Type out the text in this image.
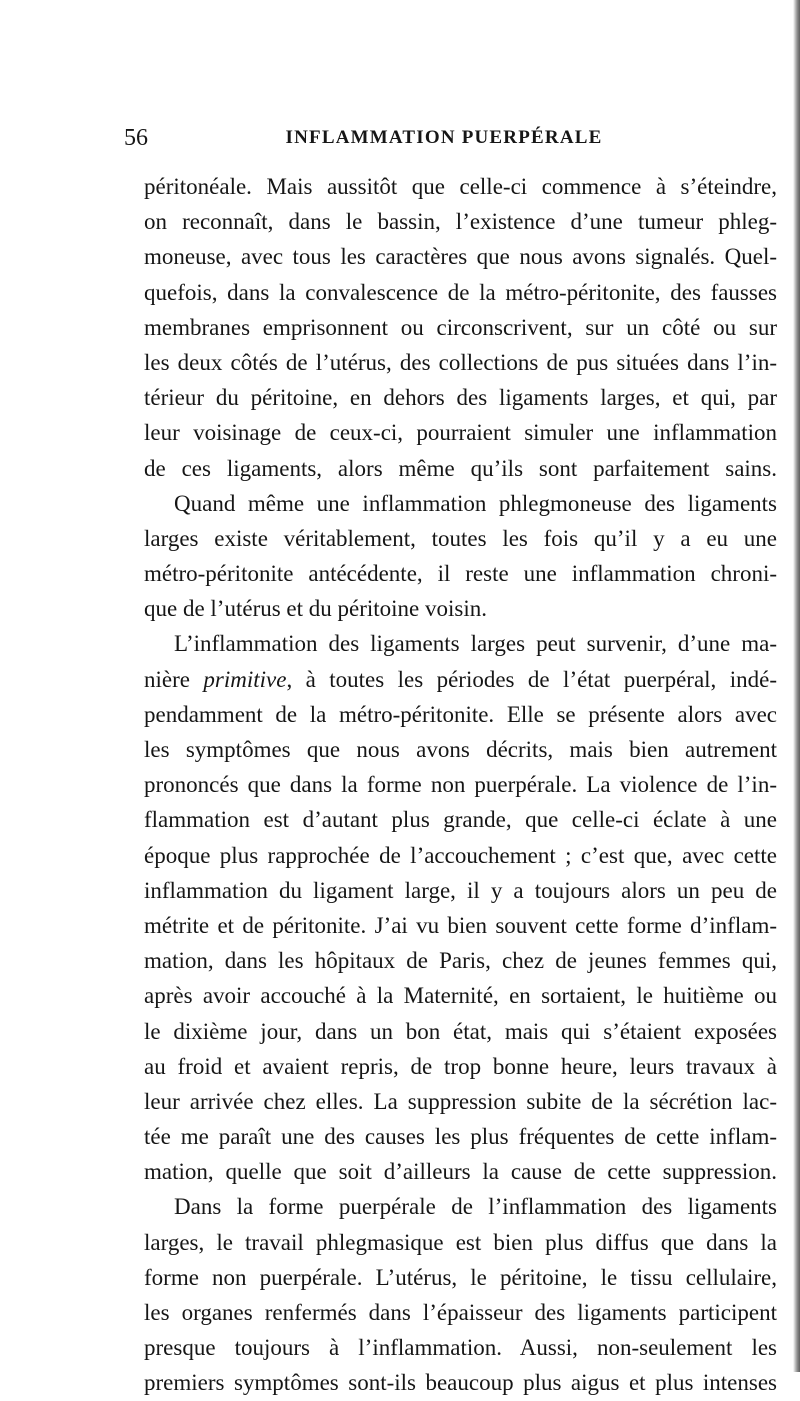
56	INFLAMMATION PUERPÉRALE
péritonéale. Mais aussitôt que celle-ci commence à s’éteindre,
on reconnaît, dans le bassin, l’existence d’une tumeur phleg-
moneuse, avec tous les caractères que nous avons signalés. Quel-
quefois, dans la convalescence de la métro-péritonite, des fausses
membranes emprisonnent ou circonscrivent, sur un côté ou sur
les deux côtés de l’utérus, des collections de pus situées dans l’in-
térieur du péritoine, en dehors des ligaments larges, et qui, par
leur voisinage de ceux-ci, pourraient simuler une inflammation
de ces ligaments, alors même qu’ils sont parfaitement sains.
Quand même une inflammation phlegmoneuse des ligaments
larges existe véritablement, toutes les fois qu’il y a eu une
métro-péritonite antécédente, il reste une inflammation chroni-
que de l’utérus et du péritoine voisin.
L’inflammation des ligaments larges peut survenir, d’une ma-
nière primitive, à toutes les périodes de l’état puerpéral, indé-
pendamment de la métro-péritonite. Elle se présente alors avec
les symptômes que nous avons décrits, mais bien autrement
prononcés que dans la forme non puerpérale. La violence de l’in-
flammation est d’autant plus grande, que celle-ci éclate à une
époque plus rapprochée de l’accouchement ; c’est que, avec cette
inflammation du ligament large, il y a toujours alors un peu de
métrite et de péritonite. J’ai vu bien souvent cette forme d’inflam-
mation, dans les hôpitaux de Paris, chez de jeunes femmes qui,
après avoir accouché à la Maternité, en sortaient, le huitième ou
le dixième jour, dans un bon état, mais qui s’étaient exposées
au froid et avaient repris, de trop bonne heure, leurs travaux à
leur arrivée chez elles. La suppression subite de la sécrétion lac-
tée me paraît une des causes les plus fréquentes de cette inflam-
mation, quelle que soit d’ailleurs la cause de cette suppression.
Dans la forme puerpérale de l’inflammation des ligaments
larges, le travail phlegmasique est bien plus diffus que dans la
forme non puerpérale. L’utérus, le péritoine, le tissu cellulaire,
les organes renfermés dans l’épaisseur des ligaments participent
presque toujours à l’inflammation. Aussi, non-seulement les
premiers symptômes sont-ils beaucoup plus aigus et plus intenses
